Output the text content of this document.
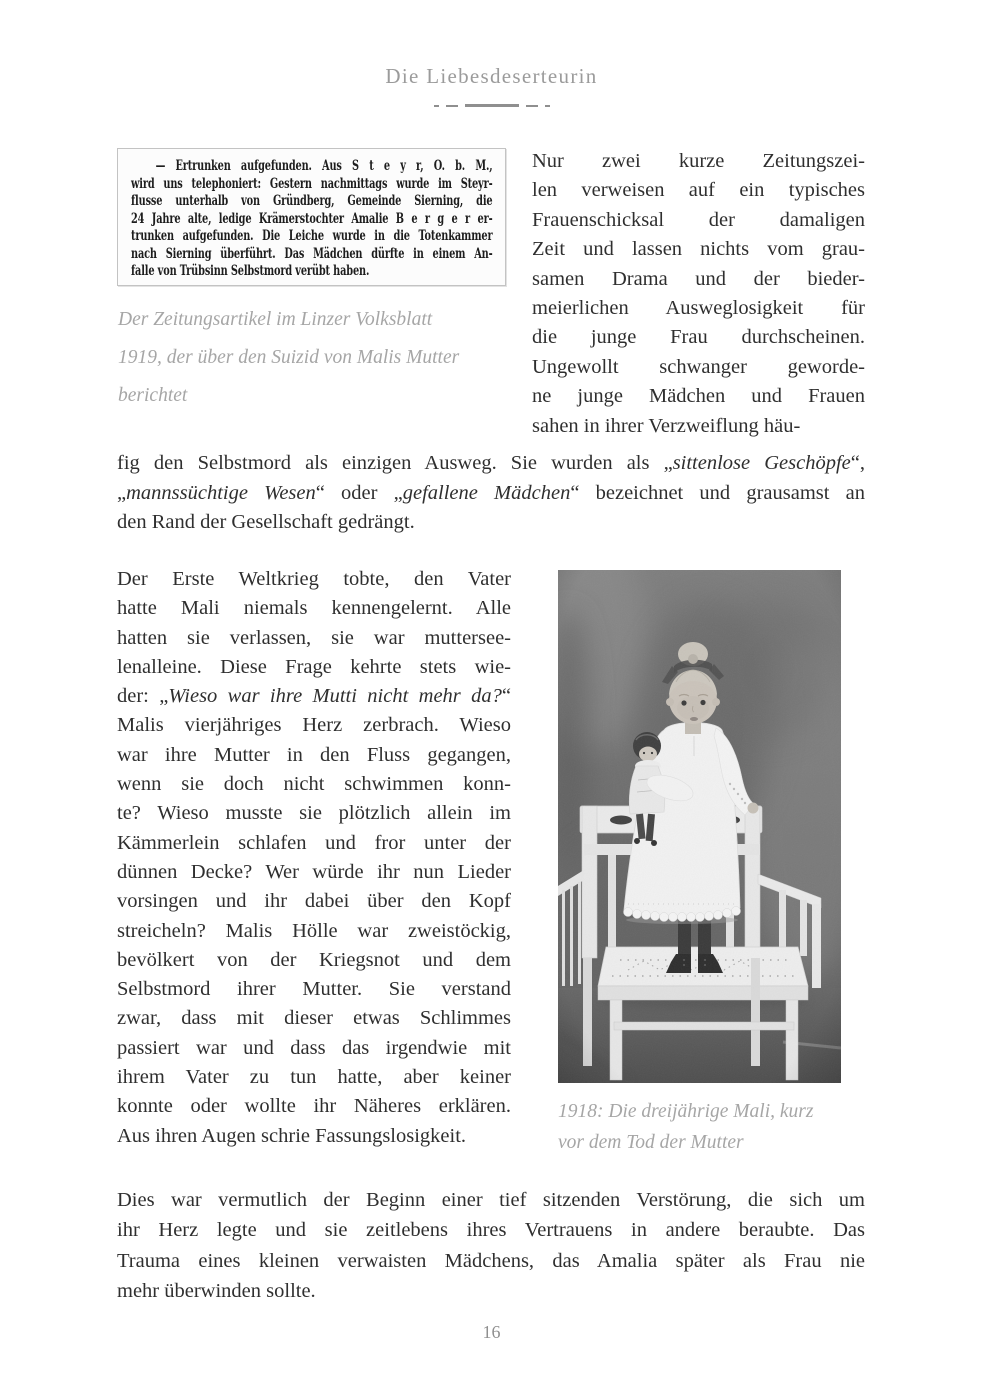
Die Liebesdeserteurin
— Ertrunken aufgefunden. Aus S t e y r, O. b. M.,
wird uns telephoniert: Gestern nachmittags wurde im Steyr-
flusse unterhalb von Gründberg, Gemeinde Sierning, die
24 Jahre alte, ledige Krämerstochter Amalie B e r g e r er-
trunken aufgefunden. Die Leiche wurde in die Totenkammer
nach Sierning überführt. Das Mädchen dürfte in einem An-
falle von Trübsinn Selbstmord verübt haben.
Der Zeitungsartikel im Linzer Volksblatt
1919, der über den Suizid von Malis Mutter
berichtet
Nur zwei kurze Zeitungszei-
len verweisen auf ein typisches
Frauenschicksal der damaligen
Zeit und lassen nichts vom grau-
samen Drama und der bieder-
meierlichen Ausweglosigkeit für
die junge Frau durchscheinen.
Ungewollt schwanger geworde-
ne junge Mädchen und Frauen
sahen in ihrer Verzweiflung häu-
fig den Selbstmord als einzigen Ausweg. Sie wurden als „sittenlose Geschöpfe“,
„mannssüchtige Wesen“ oder „gefallene Mädchen“ bezeichnet und grausamst an
den Rand der Gesellschaft gedrängt.
Der Erste Weltkrieg tobte, den Vater
hatte Mali niemals kennengelernt. Alle
hatten sie verlassen, sie war muttersee-
lenalleine. Diese Frage kehrte stets wie-
der: „Wieso war ihre Mutti nicht mehr da?“
Malis vierjähriges Herz zerbrach. Wieso
war ihre Mutter in den Fluss gegangen,
wenn sie doch nicht schwimmen konn-
te? Wieso musste sie plötzlich allein im
Kämmerlein schlafen und fror unter der
dünnen Decke? Wer würde ihr nun Lieder
vorsingen und ihr dabei über den Kopf
streicheln? Malis Hölle war zweistöckig,
bevölkert von der Kriegsnot und dem
Selbstmord ihrer Mutter. Sie verstand
zwar, dass mit dieser etwas Schlimmes
passiert war und dass das irgendwie mit
ihrem Vater zu tun hatte, aber keiner
konnte oder wollte ihr Näheres erklären.
Aus ihren Augen schrie Fassungslosigkeit.
1918: Die dreijährige Mali, kurz
vor dem Tod der Mutter
Dies war vermutlich der Beginn einer tief sitzenden Verstörung, die sich um
ihr Herz legte und sie zeitlebens ihres Vertrauens in andere beraubte. Das
Trauma eines kleinen verwaisten Mädchens, das Amalia später als Frau nie
mehr überwinden sollte.
16
